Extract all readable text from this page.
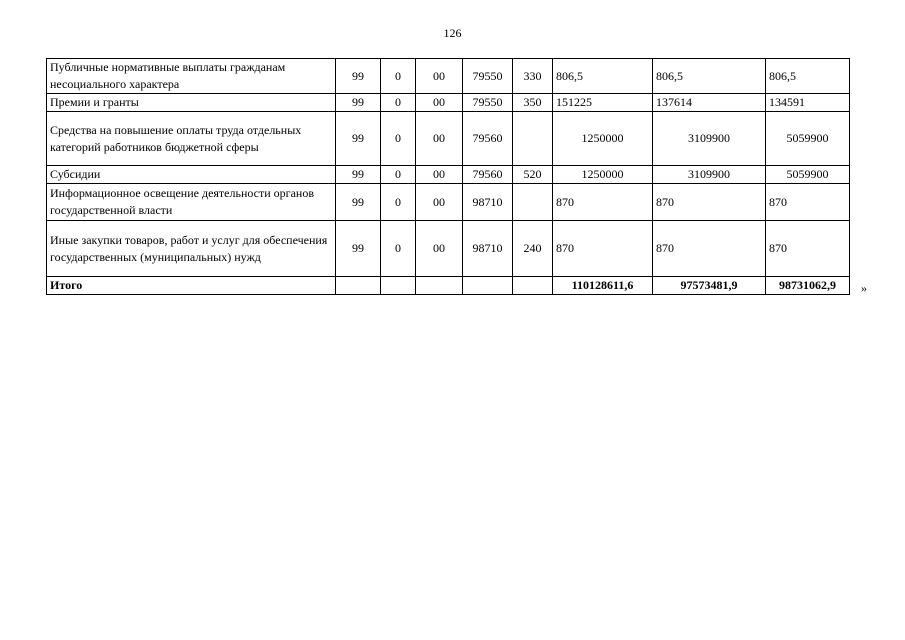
126
Публичные нормативные выплаты гражданам несоциального характера	99	0	00	79550	330	806,5	806,5	806,5
Премии и гранты	99	0	00	79550	350	151225	137614	134591
Средства на повышение оплаты труда отдельных категорий работников бюджетной сферы	99	0	00	79560		1250000	3109900	5059900
Субсидии	99	0	00	79560	520	1250000	3109900	5059900
Информационное освещение деятельности органов государственной власти	99	0	00	98710		870	870	870
Иные закупки товаров, работ и услуг для обеспечения государственных (муниципальных) нужд	99	0	00	98710	240	870	870	870
Итого						110128611,6	97573481,9	98731062,9 »
